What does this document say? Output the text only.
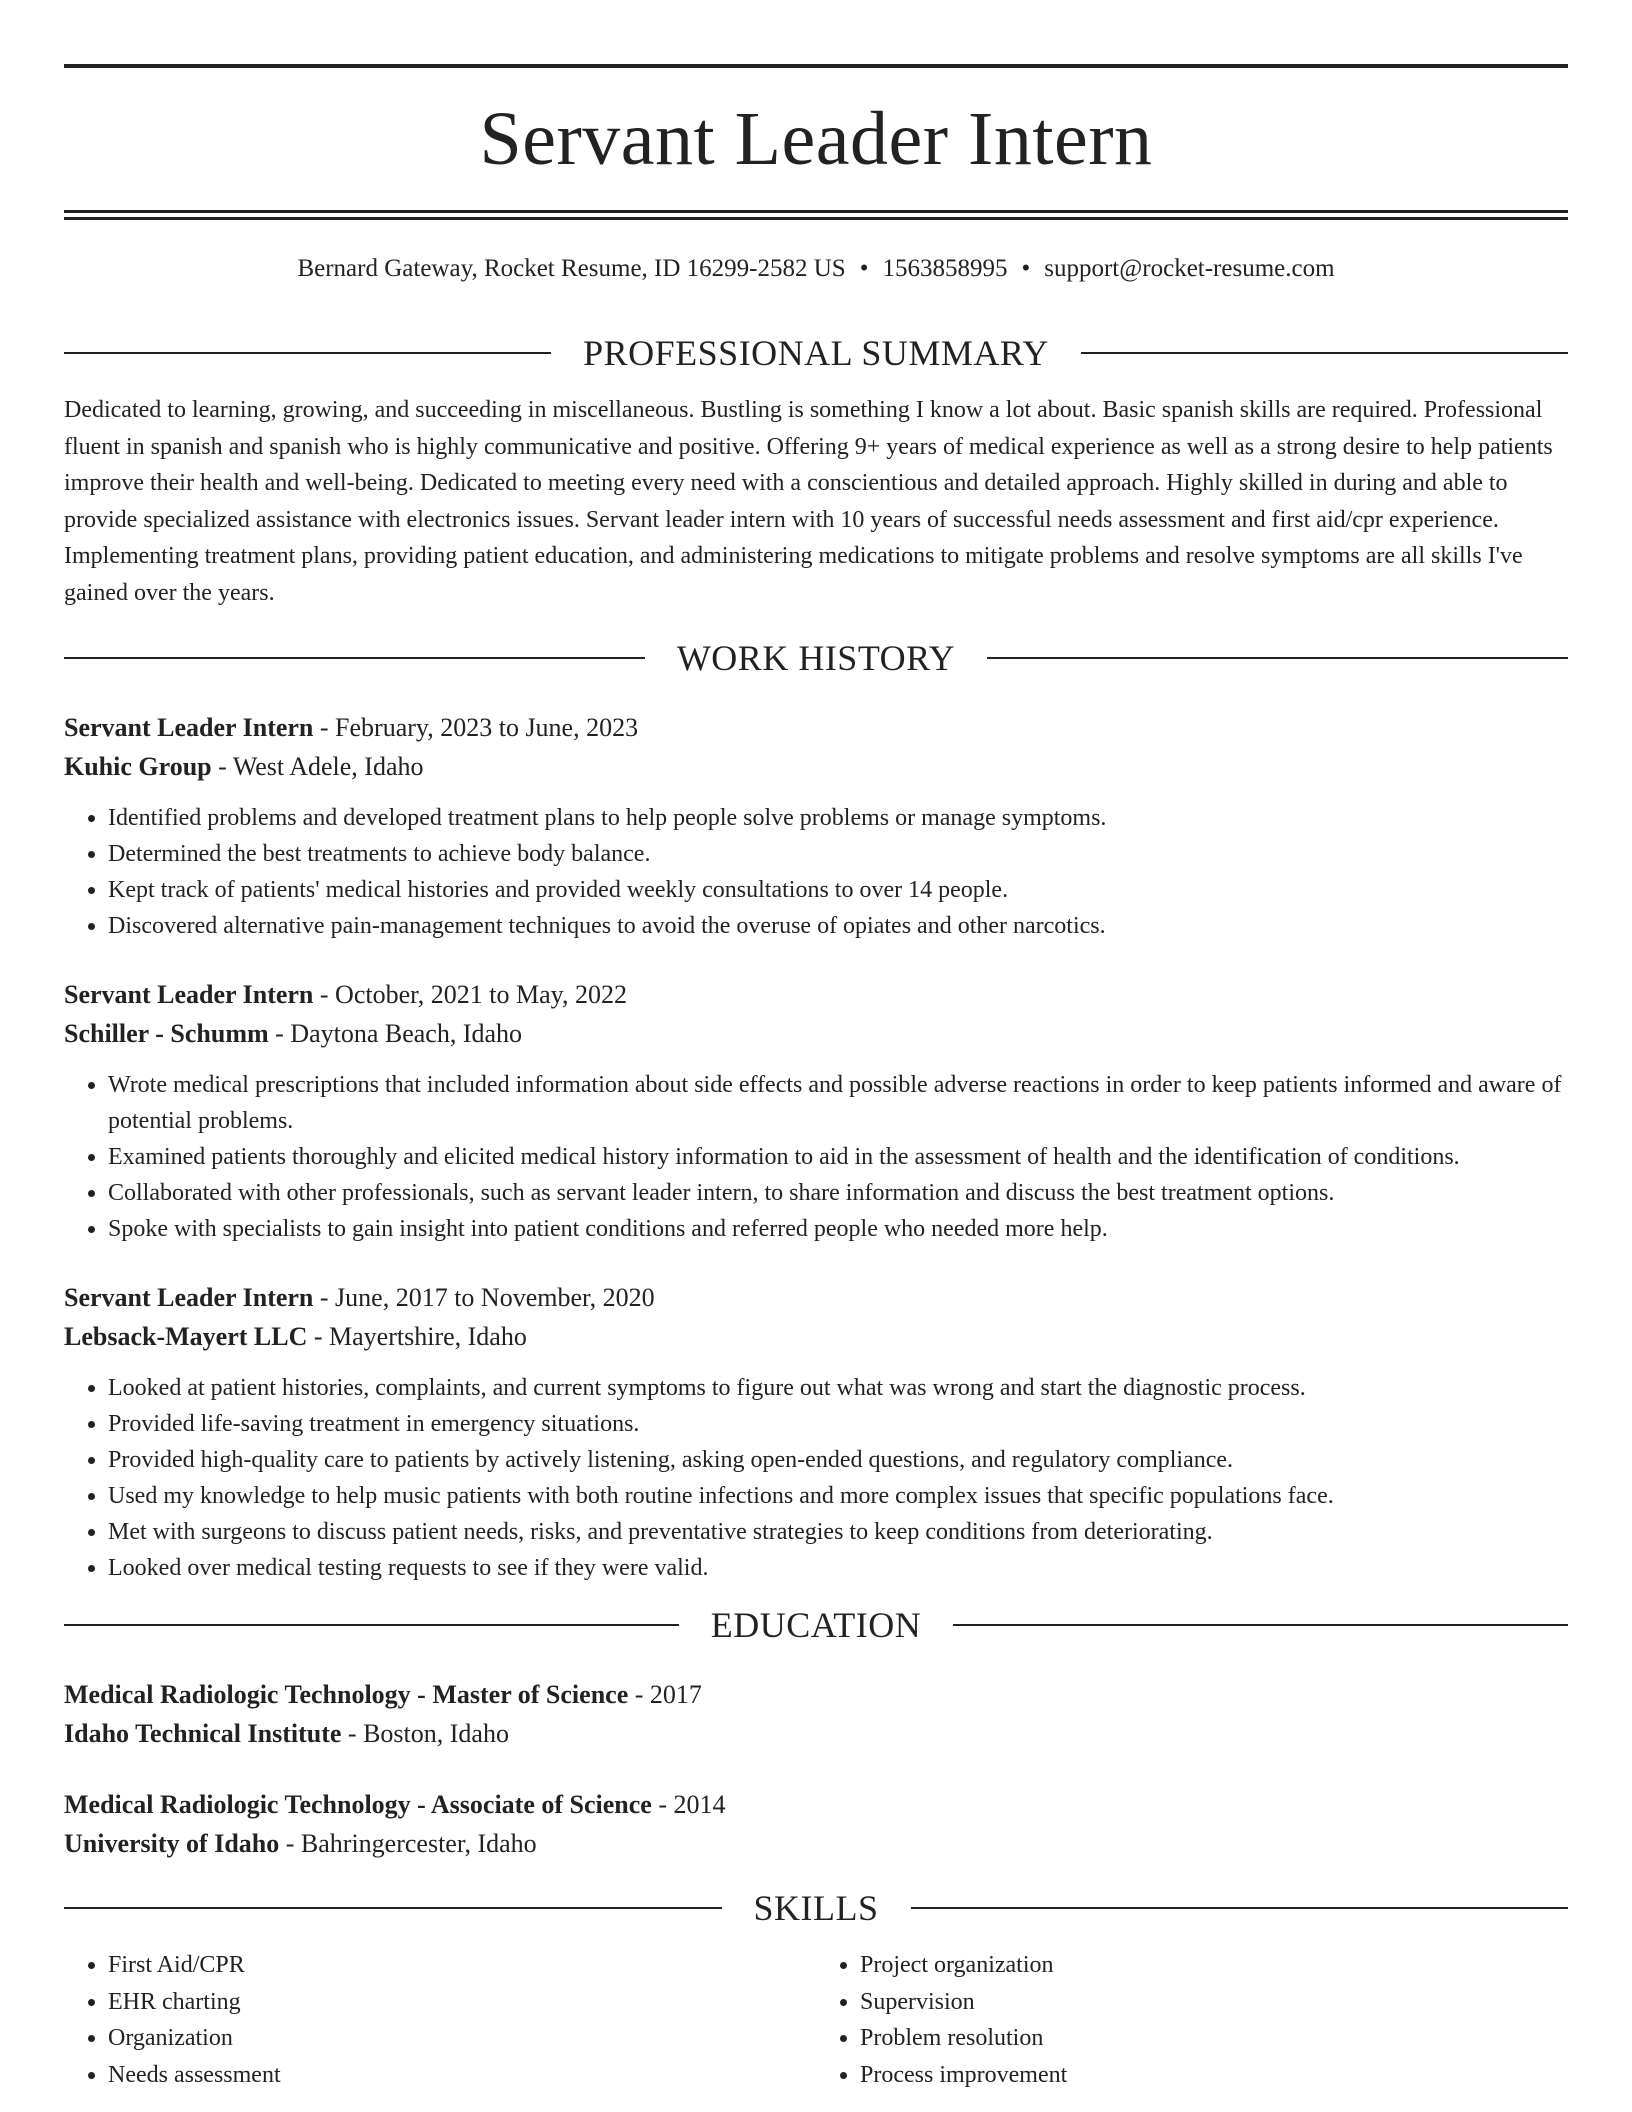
Servant Leader Intern
Bernard Gateway, Rocket Resume, ID 16299-2582 US • 1563858995 • support@rocket-resume.com
PROFESSIONAL SUMMARY

Dedicated to learning, growing, and succeeding in miscellaneous. Bustling is something I know a lot about. Basic spanish skills are required. Professional fluent in spanish and spanish who is highly communicative and positive. Offering 9+ years of medical experience as well as a strong desire to help patients improve their health and well-being. Dedicated to meeting every need with a conscientious and detailed approach. Highly skilled in during and able to provide specialized assistance with electronics issues. Servant leader intern with 10 years of successful needs assessment and first aid/cpr experience. Implementing treatment plans, providing patient education, and administering medications to mitigate problems and resolve symptoms are all skills I've gained over the years.

WORK HISTORY
Servant Leader Intern - February, 2023 to June, 2023
Kuhic Group - West Adele, Idaho
• Identified problems and developed treatment plans to help people solve problems or manage symptoms.
• Determined the best treatments to achieve body balance.
• Kept track of patients' medical histories and provided weekly consultations to over 14 people.
• Discovered alternative pain-management techniques to avoid the overuse of opiates and other narcotics.
Servant Leader Intern - October, 2021 to May, 2022
Schiller - Schumm - Daytona Beach, Idaho
• Wrote medical prescriptions that included information about side effects and possible adverse reactions in order to keep patients informed and aware of potential problems.
• Examined patients thoroughly and elicited medical history information to aid in the assessment of health and the identification of conditions.
• Collaborated with other professionals, such as servant leader intern, to share information and discuss the best treatment options.
• Spoke with specialists to gain insight into patient conditions and referred people who needed more help.
Servant Leader Intern - June, 2017 to November, 2020
Lebsack-Mayert LLC - Mayertshire, Idaho
• Looked at patient histories, complaints, and current symptoms to figure out what was wrong and start the diagnostic process.
• Provided life-saving treatment in emergency situations.
• Provided high-quality care to patients by actively listening, asking open-ended questions, and regulatory compliance.
• Used my knowledge to help music patients with both routine infections and more complex issues that specific populations face.
• Met with surgeons to discuss patient needs, risks, and preventative strategies to keep conditions from deteriorating.
• Looked over medical testing requests to see if they were valid.
EDUCATION
Medical Radiologic Technology - Master of Science - 2017
Idaho Technical Institute - Boston, Idaho
Medical Radiologic Technology - Associate of Science - 2014
University of Idaho - Bahringercester, Idaho
SKILLS
• First Aid/CPR
• EHR charting
• Organization
• Needs assessment
• Project organization
• Supervision
• Problem resolution
• Process improvement
